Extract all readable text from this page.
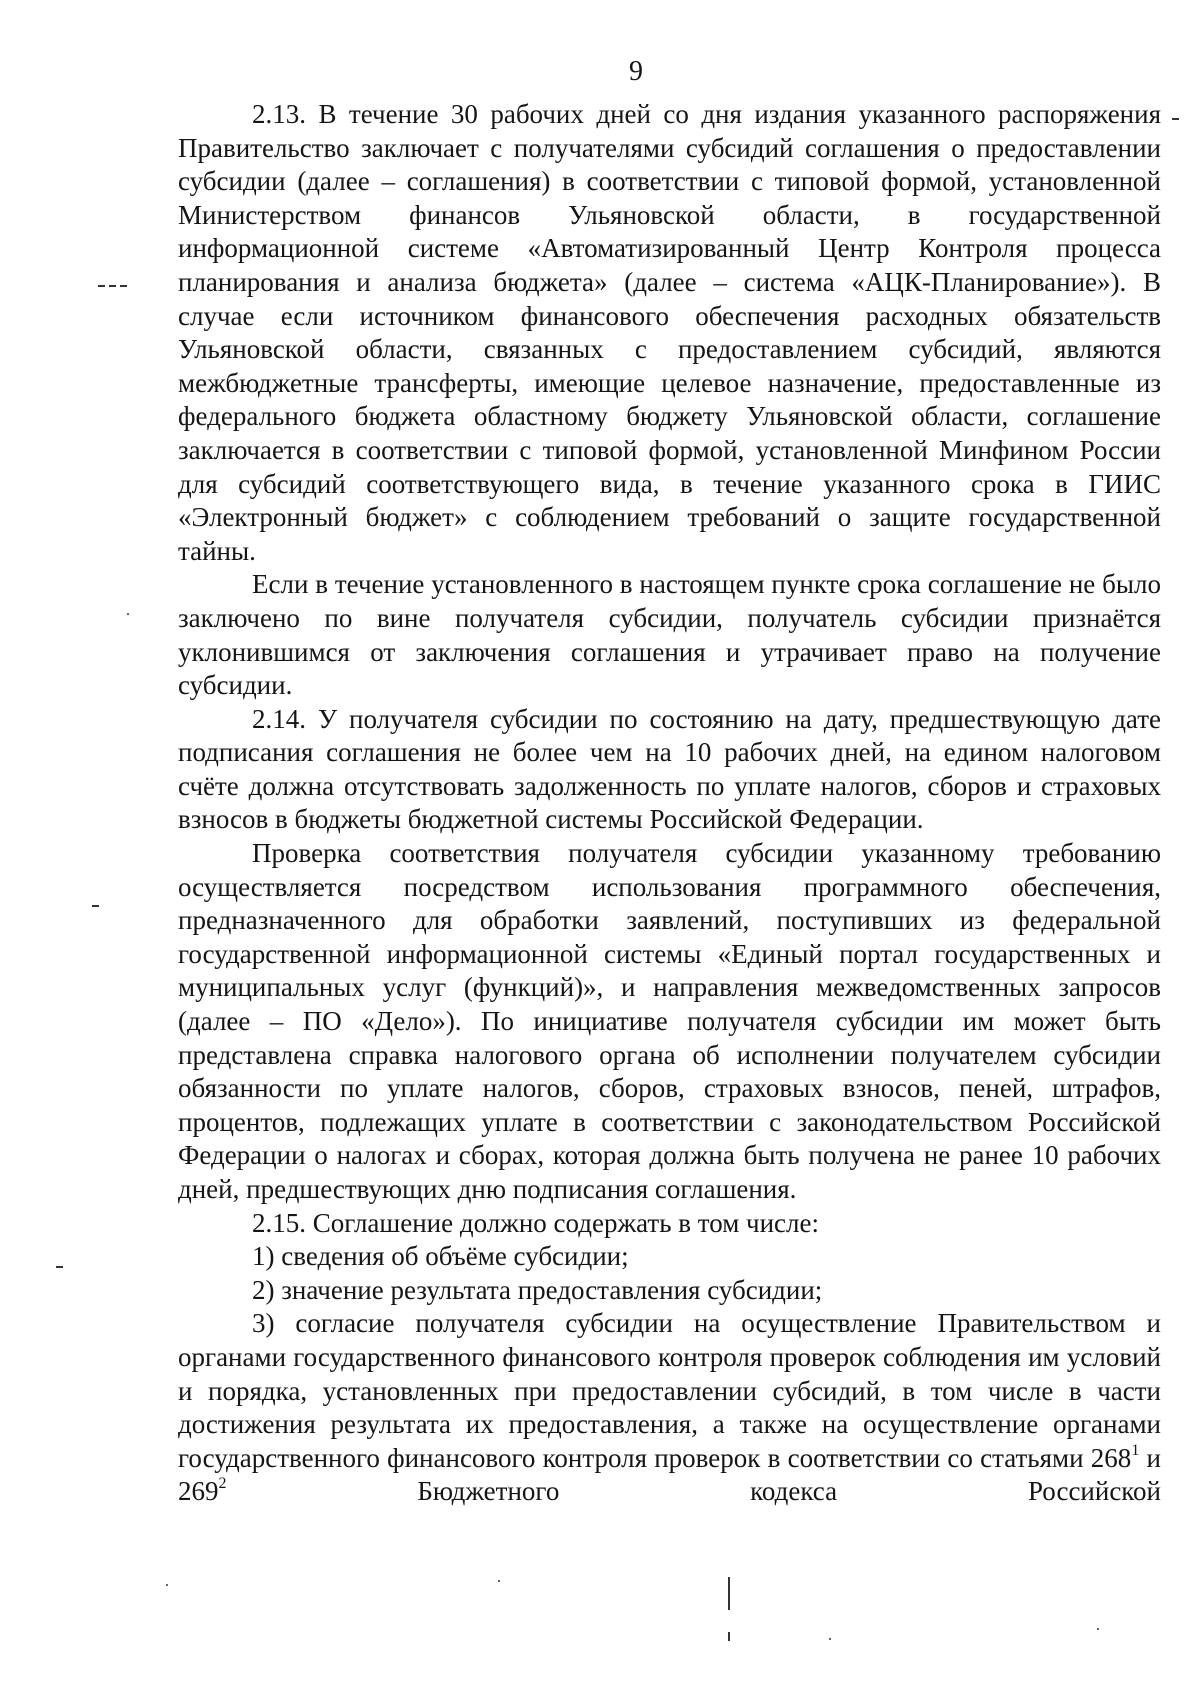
9

2.13. В течение 30 рабочих дней со дня издания указанного распоряжения Правительство заключает с получателями субсидий соглашения о предоставлении субсидии (далее – соглашения) в соответствии с типовой формой, установленной Министерством финансов Ульяновской области, в государственной информационной системе «Автоматизированный Центр Контроля процесса планирования и анализа бюджета» (далее – система «АЦК-Планирование»). В случае если источником финансового обеспечения расходных обязательств Ульяновской области, связанных с предоставлением субсидий, являются межбюджетные трансферты, имеющие целевое назначение, предоставленные из федерального бюджета областному бюджету Ульяновской области, соглашение заключается в соответствии с типовой формой, установленной Минфином России для субсидий соответствующего вида, в течение указанного срока в ГИИС «Электронный бюджет» с соблюдением требований о защите государственной тайны.

Если в течение установленного в настоящем пункте срока соглашение не было заключено по вине получателя субсидии, получатель субсидии признаётся уклонившимся от заключения соглашения и утрачивает право на получение субсидии.

2.14. У получателя субсидии по состоянию на дату, предшествующую дате подписания соглашения не более чем на 10 рабочих дней, на едином налоговом счёте должна отсутствовать задолженность по уплате налогов, сборов и страховых взносов в бюджеты бюджетной системы Российской Федерации.

Проверка соответствия получателя субсидии указанному требованию осуществляется посредством использования программного обеспечения, предназначенного для обработки заявлений, поступивших из федеральной государственной информационной системы «Единый портал государственных и муниципальных услуг (функций)», и направления межведомственных запросов (далее – ПО «Дело»). По инициативе получателя субсидии им может быть представлена справка налогового органа об исполнении получателем субсидии обязанности по уплате налогов, сборов, страховых взносов, пеней, штрафов, процентов, подлежащих уплате в соответствии с законодательством Российской Федерации о налогах и сборах, которая должна быть получена не ранее 10 рабочих дней, предшествующих дню подписания соглашения.

2.15. Соглашение должно содержать в том числе:

1) сведения об объёме субсидии;

2) значение результата предоставления субсидии;

3) согласие получателя субсидии на осуществление Правительством и органами государственного финансового контроля проверок соблюдения им условий и порядка, установленных при предоставлении субсидий, в том числе в части достижения результата их предоставления, а также на осуществление органами государственного финансового контроля проверок в соответствии со статьями $268^1$ и $269^2$ Бюджетного кодекса Российской
